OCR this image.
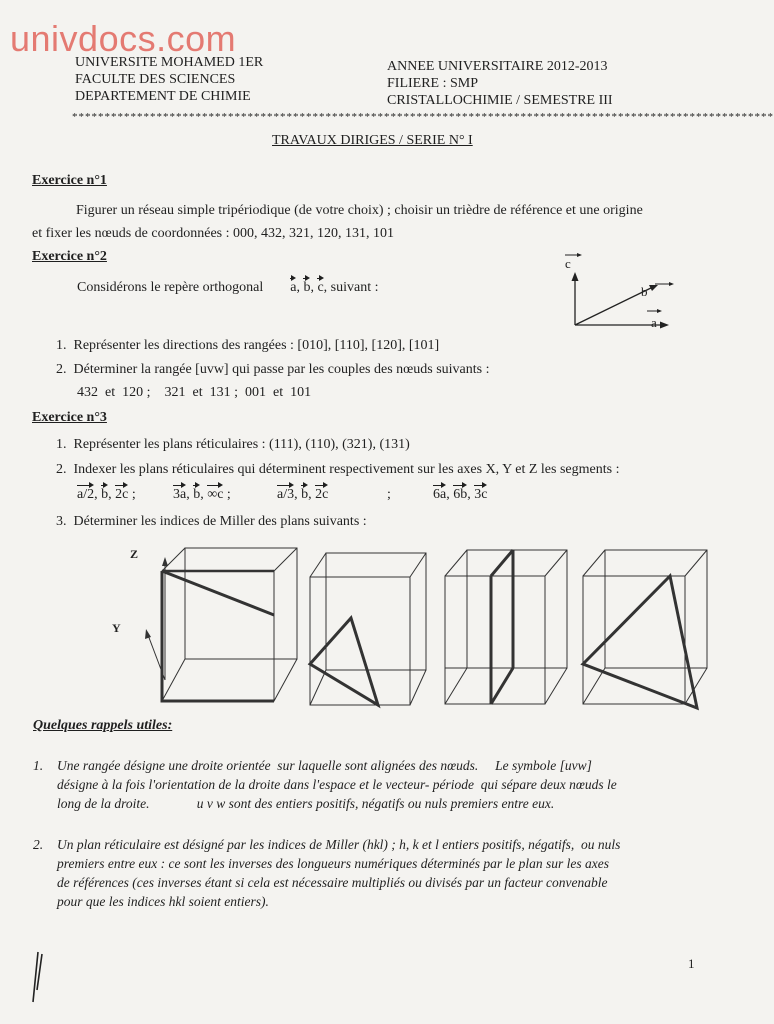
univdocs.com
UNIVERSITE MOHAMED 1ER
FACULTE DES SCIENCES
DEPARTEMENT DE CHIMIE
ANNEE UNIVERSITAIRE 2012-2013
FILIERE : SMP
CRISTALLOCHIMIE / SEMESTRE III
************************************************************************************************************
TRAVAUX DIRIGES / SERIE N° I
Exercice n°1
Figurer un réseau simple tripériodique (de votre choix) ; choisir un trièdre de référence et une origine
et fixer les nœuds de coordonnées : 000, 432, 321, 120, 131, 101
Exercice n°2
Considérons le repère orthogonal a, b, c, suivant :
c
b
a
1. Représenter les directions des rangées : [010], [110], [120], [101]
2. Déterminer la rangée [uvw] qui passe par les couples des nœuds suivants :
432  et  120 ;    321  et  131 ;  001  et  101
Exercice n°3
1. Représenter les plans réticulaires : (111), (110), (321), (131)
2. Indexer les plans réticulaires qui déterminent respectivement sur les axes X, Y et Z les segments :
a/2, b, 2c ;	3a, b, ∞c ;	a/3, b, 2c	;	6a, 6b, 3c
3. Déterminer les indices de Miller des plans suivants :
Z
Y
Quelques rappels utiles:
1. Une rangée désigne une droite orientée  sur laquelle sont alignées des nœuds.     Le symbole [uvw]
désigne à la fois l'orientation de la droite dans l'espace et le vecteur- période  qui sépare deux nœuds le
long de la droite.              u v w sont des entiers positifs, négatifs ou nuls premiers entre eux.
2. Un plan réticulaire est désigné par les indices de Miller (hkl) ; h, k et l entiers positifs, négatifs,  ou nuls
premiers entre eux : ce sont les inverses des longueurs numériques déterminés par le plan sur les axes
de références (ces inverses étant si cela est nécessaire multipliés ou divisés par un facteur convenable
pour que les indices hkl soient entiers).
1
